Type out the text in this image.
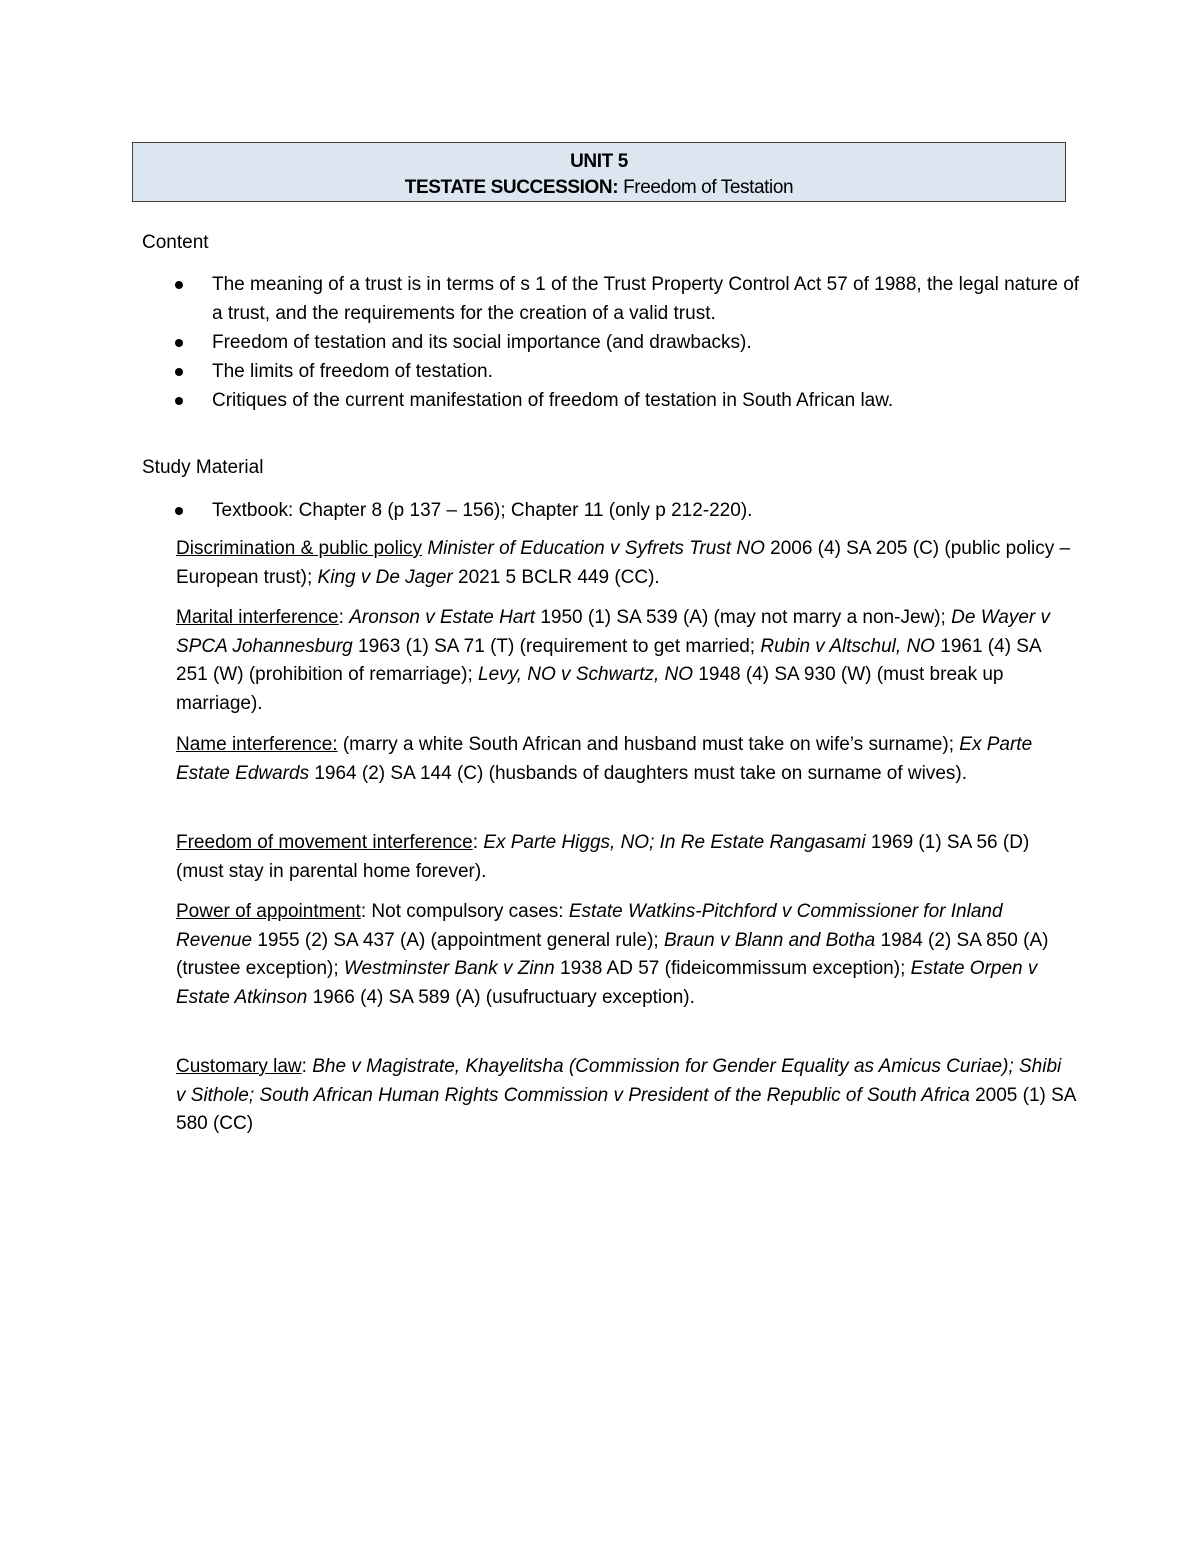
UNIT 5
TESTATE SUCCESSION: Freedom of Testation
Content
The meaning of a trust is in terms of s 1 of the Trust Property Control Act 57 of 1988, the legal nature of a trust, and the requirements for the creation of a valid trust.
Freedom of testation and its social importance (and drawbacks).
The limits of freedom of testation.
Critiques of the current manifestation of freedom of testation in South African law.
Study Material
Textbook: Chapter 8 (p 137 – 156); Chapter 11 (only p 212-220).

Discrimination & public policy Minister of Education v Syfrets Trust NO 2006 (4) SA 205 (C) (public policy – European trust); King v De Jager 2021 5 BCLR 449 (CC).

Marital interference: Aronson v Estate Hart 1950 (1) SA 539 (A) (may not marry a non-Jew); De Wayer v SPCA Johannesburg 1963 (1) SA 71 (T) (requirement to get married; Rubin v Altschul, NO 1961 (4) SA 251 (W) (prohibition of remarriage); Levy, NO v Schwartz, NO 1948 (4) SA 930 (W) (must break up marriage).

Name interference: (marry a white South African and husband must take on wife’s surname); Ex Parte Estate Edwards 1964 (2) SA 144 (C) (husbands of daughters must take on surname of wives).

Freedom of movement interference: Ex Parte Higgs, NO; In Re Estate Rangasami 1969 (1) SA 56 (D) (must stay in parental home forever).

Power of appointment: Not compulsory cases: Estate Watkins-Pitchford v Commissioner for Inland Revenue 1955 (2) SA 437 (A) (appointment general rule); Braun v Blann and Botha 1984 (2) SA 850 (A) (trustee exception); Westminster Bank v Zinn 1938 AD 57 (fideicommissum exception); Estate Orpen v Estate Atkinson 1966 (4) SA 589 (A) (usufructuary exception).

Customary law: Bhe v Magistrate, Khayelitsha (Commission for Gender Equality as Amicus Curiae); Shibi v Sithole; South African Human Rights Commission v President of the Republic of South Africa 2005 (1) SA 580 (CC)
